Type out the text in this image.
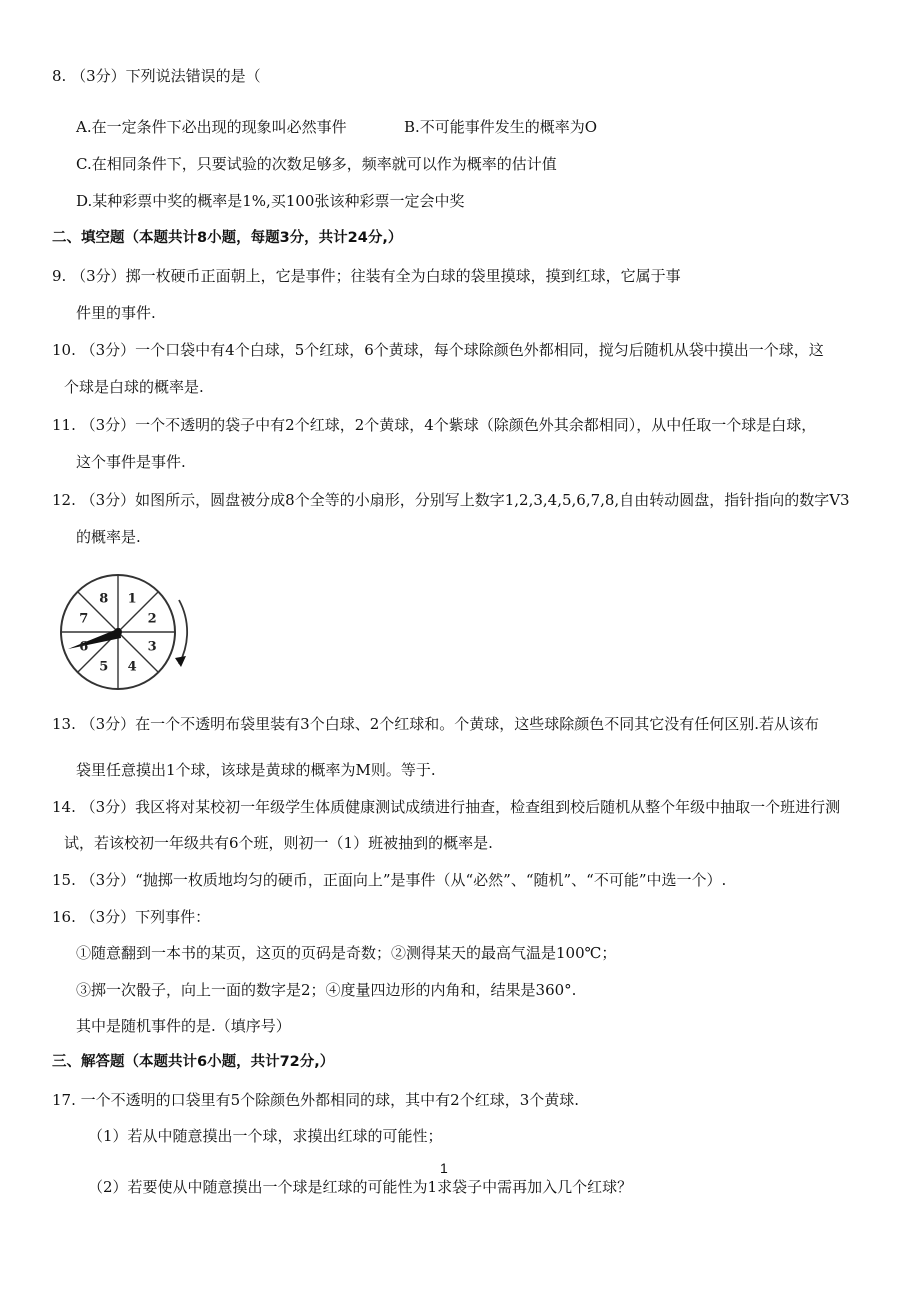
8. （3分）下列说法错误的是（
A.在一定条件下必出现的现象叫必然事件	B.不可能事件发生的概率为O
C.在相同条件下，只要试验的次数足够多，频率就可以作为概率的估计值
D.某种彩票中奖的概率是1%,买100张该种彩票一定会中奖
二、填空题（本题共计8小题，每题3分，共计24分,）
9. （3分）掷一枚硬币正面朝上，它是事件；往装有全为白球的袋里摸球，摸到红球，它属于事
件里的事件.
10. （3分）一个口袋中有4个白球，5个红球，6个黄球，每个球除颜色外都相同，搅匀后随机从袋中摸出一个球，这
个球是白球的概率是.
11. （3分）一个不透明的袋子中有2个红球，2个黄球，4个紫球（除颜色外其余都相同），从中任取一个球是白球，
这个事件是事件.
12. （3分）如图所示，圆盘被分成8个全等的小扇形，分别写上数字1,2,3,4,5,6,7,8,自由转动圆盘，指针指向的数字V3
的概率是.
1
2
3
4
5
6
7
8
13. （3分）在一个不透明布袋里装有3个白球、2个红球和。个黄球，这些球除颜色不同其它没有任何区别.若从该布
袋里任意摸出1个球，该球是黄球的概率为M则。等于.
14. （3分）我区将对某校初一年级学生体质健康测试成绩进行抽查，检查组到校后随机从整个年级中抽取一个班进行测
试，若该校初一年级共有6个班，则初一（1）班被抽到的概率是.
15. （3分）“抛掷一枚质地均匀的硬币，正面向上”是事件（从“必然”、“随机”、“不可能”中选一个）.
16. （3分）下列事件：
①随意翻到一本书的某页，这页的页码是奇数；②测得某天的最高气温是100℃；
③掷一次骰子，向上一面的数字是2；④度量四边形的内角和，结果是360°.
其中是随机事件的是.（填序号）
三、解答题（本题共计6小题，共计72分,）
17. 一个不透明的口袋里有5个除颜色外都相同的球，其中有2个红球，3个黄球.
（1）若从中随意摸出一个球，求摸出红球的可能性；
1
（2）若要使从中随意摸出一个球是红球的可能性为1求袋子中需再加入几个红球？
